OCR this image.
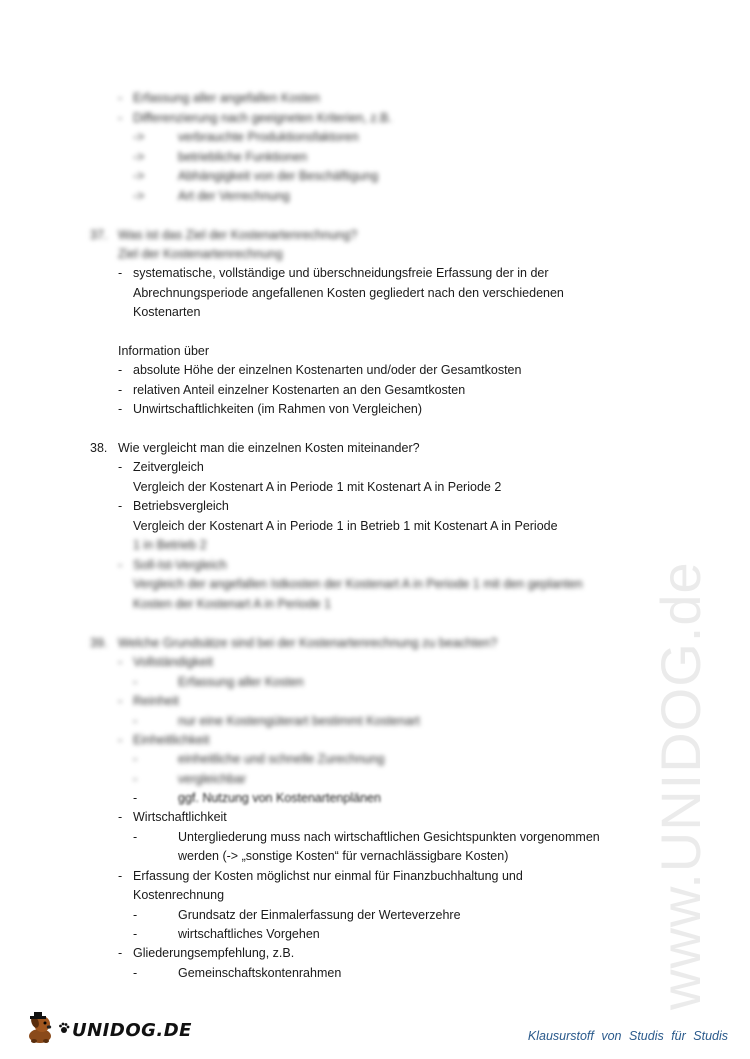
www.UNIDOG.de
- Erfassung aller angefallen Kosten
- Differenzierung nach geeigneten Kriterien, z.B.
->	verbrauchte Produktionsfaktoren
->	betriebliche Funktionen
->	Abhängigkeit von der Beschäftigung
->	Art der Verrechnung
37. Was ist das Ziel der Kostenartenrechnung?
Ziel der Kostenartenrechnung
- systematische, vollständige und überschneidungsfreie Erfassung der in der
Abrechnungsperiode angefallenen Kosten gegliedert nach den verschiedenen
Kostenarten
Information über
- absolute Höhe der einzelnen Kostenarten und/oder der Gesamtkosten
- relativen Anteil einzelner Kostenarten an den Gesamtkosten
- Unwirtschaftlichkeiten (im Rahmen von Vergleichen)
38. Wie vergleicht man die einzelnen Kosten miteinander?
- Zeitvergleich
Vergleich der Kostenart A in Periode 1 mit Kostenart A in Periode 2
- Betriebsvergleich
Vergleich der Kostenart A in Periode 1 in Betrieb 1 mit Kostenart A in Periode
1 in Betrieb 2
- Soll-Ist-Vergleich
Vergleich der angefallen Istkosten der Kostenart A in Periode 1 mit den geplanten
Kosten der Kostenart A in Periode 1
39. Welche Grundsätze sind bei der Kostenartenrechnung zu beachten?
- Vollständigkeit
-	Erfassung aller Kosten
- Reinheit
-	nur eine Kostengüterart bestimmt Kostenart
- Einheitlichkeit
-	einheitliche und schnelle Zurechnung
-	vergleichbar
-	ggf. Nutzung von Kostenartenplänen
- Wirtschaftlichkeit
-	Untergliederung muss nach wirtschaftlichen Gesichtspunkten vorgenommen
werden (-> „sonstige Kosten“ für vernachlässigbare Kosten)
- Erfassung der Kosten möglichst nur einmal für Finanzbuchhaltung und
Kostenrechnung
-	Grundsatz der Einmalerfassung der Werteverzehre
-	wirtschaftliches Vorgehen
- Gliederungsempfehlung, z.B.
-	Gemeinschaftskontenrahmen
UNIDOG.DE	Klausurstoff von Studis für Studis
